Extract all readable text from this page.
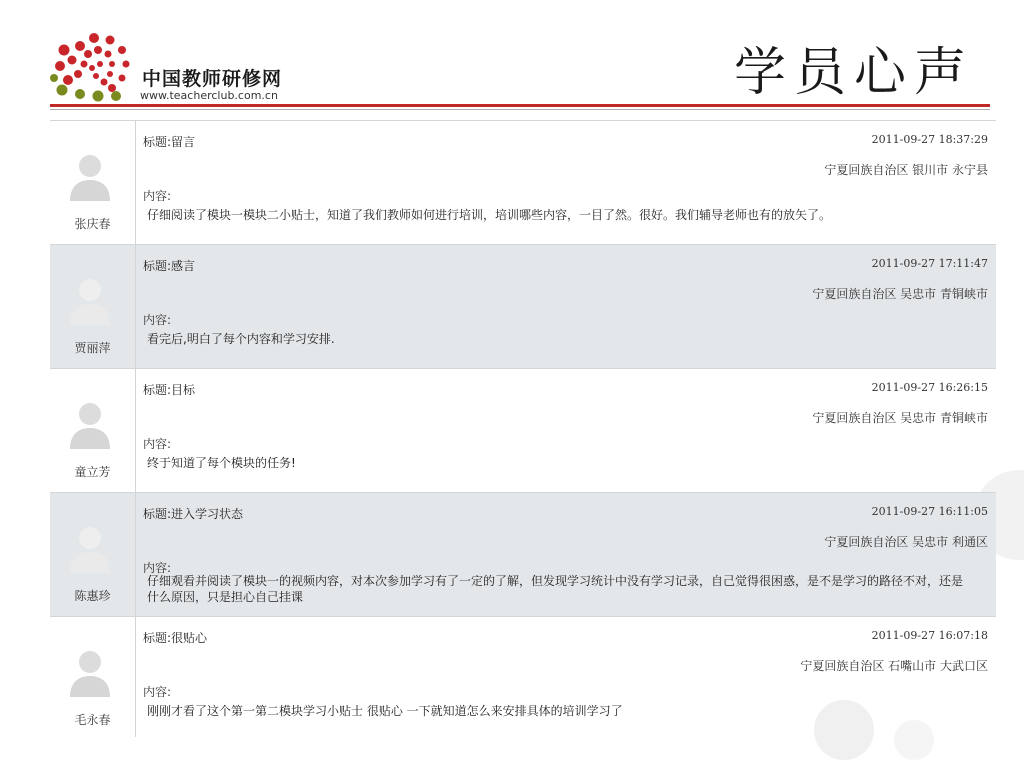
中国教师研修网
www.teacherclub.com.cn	学员心声
张庆春
标题:留言	2011-09-27 18:37:29
宁夏回族自治区 银川市 永宁县
内容:
仔细阅读了模块一模块二小贴士，知道了我们教师如何进行培训，培训哪些内容，一目了然。很好。我们辅导老师也有的放矢了。
贾丽萍
标题:感言	2011-09-27 17:11:47
宁夏回族自治区 吴忠市 青铜峡市
内容:
看完后,明白了每个内容和学习安排.
童立芳
标题:目标	2011-09-27 16:26:15
宁夏回族自治区 吴忠市 青铜峡市
内容:
终于知道了每个模块的任务!
陈惠珍
标题:进入学习状态	2011-09-27 16:11:05
宁夏回族自治区 吴忠市 利通区
内容:
仔细观看并阅读了模块一的视频内容，对本次参加学习有了一定的了解，但发现学习统计中没有学习记录，自己觉得很困惑，是不是学习的路径不对，还是什么原因，只是担心自己挂课
毛永春
标题:很贴心	2011-09-27 16:07:18
宁夏回族自治区 石嘴山市 大武口区
内容:
刚刚才看了这个第一第二模块学习小贴士 很贴心 一下就知道怎么来安排具体的培训学习了
